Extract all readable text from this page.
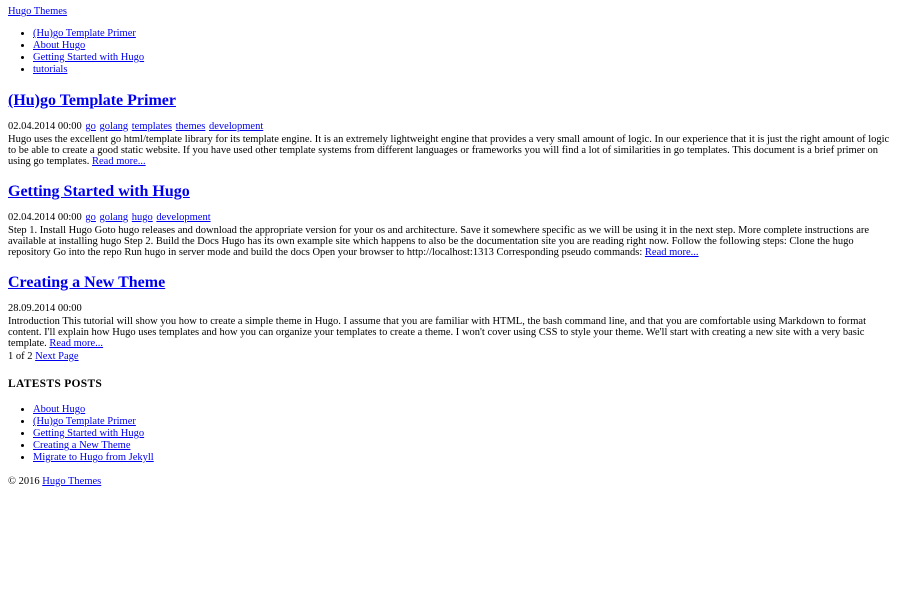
Hugo Themes
• (Hu)go Template Primer
• About Hugo
• Getting Started with Hugo
• tutorials
(Hu)go Template Primer
02.04.2014 00:00 go golang templates themes development
Hugo uses the excellent go html/template library for its template engine. It is an extremely lightweight engine that provides a very small amount of logic. In our experience that it is just the right amount of logic to be able to create a good static website. If you have used other template systems from different languages or frameworks you will find a lot of similarities in go templates. This document is a brief primer on using go templates. Read more...
Getting Started with Hugo
02.04.2014 00:00 go golang hugo development
Step 1. Install Hugo Goto hugo releases and download the appropriate version for your os and architecture. Save it somewhere specific as we will be using it in the next step. More complete instructions are available at installing hugo Step 2. Build the Docs Hugo has its own example site which happens to also be the documentation site you are reading right now. Follow the following steps: Clone the hugo repository Go into the repo Run hugo in server mode and build the docs Open your browser to http://localhost:1313 Corresponding pseudo commands: Read more...
Creating a New Theme
28.09.2014 00:00
Introduction This tutorial will show you how to create a simple theme in Hugo. I assume that you are familiar with HTML, the bash command line, and that you are comfortable using Markdown to format content. I'll explain how Hugo uses templates and how you can organize your templates to create a theme. I won't cover using CSS to style your theme. We'll start with creating a new site with a very basic template. Read more...
1 of 2 Next Page
LATESTS POSTS
• About Hugo
• (Hu)go Template Primer
• Getting Started with Hugo
• Creating a New Theme
• Migrate to Hugo from Jekyll
© 2016 Hugo Themes
